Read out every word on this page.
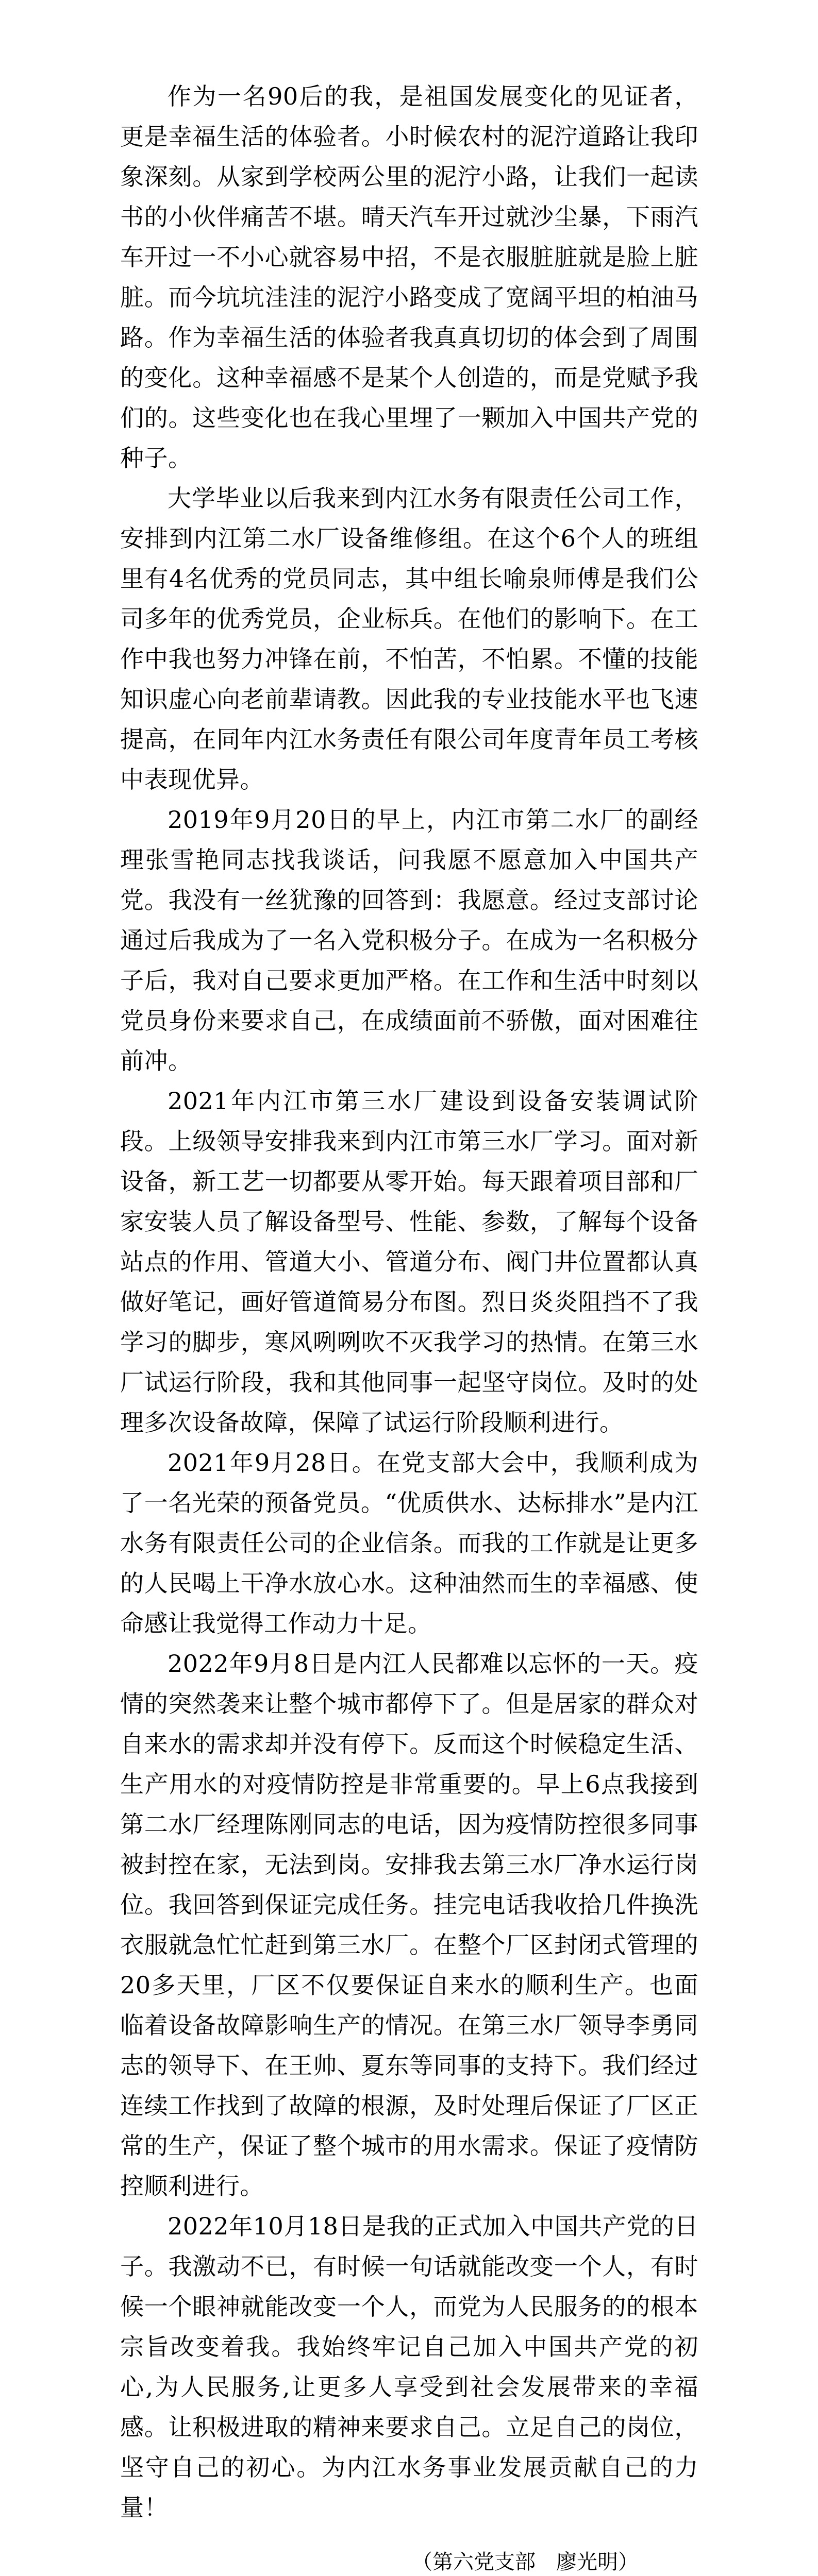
作为一名90后的我，是祖国发展变化的见证者，更是幸福生活的体验者。小时候农村的泥泞道路让我印象深刻。从家到学校两公里的泥泞小路，让我们一起读书的小伙伴痛苦不堪。晴天汽车开过就沙尘暴，下雨汽车开过一不小心就容易中招，不是衣服脏脏就是脸上脏脏。而今坑坑洼洼的泥泞小路变成了宽阔平坦的柏油马路。作为幸福生活的体验者我真真切切的体会到了周围的变化。这种幸福感不是某个人创造的，而是党赋予我们的。这些变化也在我心里埋了一颗加入中国共产党的种子。

大学毕业以后我来到内江水务有限责任公司工作，安排到内江第二水厂设备维修组。在这个6个人的班组里有4名优秀的党员同志，其中组长喻泉师傅是我们公司多年的优秀党员，企业标兵。在他们的影响下。在工作中我也努力冲锋在前，不怕苦，不怕累。不懂的技能知识虚心向老前辈请教。因此我的专业技能水平也飞速提高，在同年内江水务责任有限公司年度青年员工考核中表现优异。

2019年9月20日的早上，内江市第二水厂的副经理张雪艳同志找我谈话，问我愿不愿意加入中国共产党。我没有一丝犹豫的回答到：我愿意。经过支部讨论通过后我成为了一名入党积极分子。在成为一名积极分子后，我对自己要求更加严格。在工作和生活中时刻以党员身份来要求自己，在成绩面前不骄傲，面对困难往前冲。

2021年内江市第三水厂建设到设备安装调试阶段。上级领导安排我来到内江市第三水厂学习。面对新设备，新工艺一切都要从零开始。每天跟着项目部和厂家安装人员了解设备型号、性能、参数，了解每个设备站点的作用、管道大小、管道分布、阀门井位置都认真做好笔记，画好管道简易分布图。烈日炎炎阻挡不了我学习的脚步，寒风咧咧吹不灭我学习的热情。在第三水厂试运行阶段，我和其他同事一起坚守岗位。及时的处理多次设备故障，保障了试运行阶段顺利进行。

2021年9月28日。在党支部大会中，我顺利成为了一名光荣的预备党员。“优质供水、达标排水”是内江水务有限责任公司的企业信条。而我的工作就是让更多的人民喝上干净水放心水。这种油然而生的幸福感、使命感让我觉得工作动力十足。

2022年9月8日是内江人民都难以忘怀的一天。疫情的突然袭来让整个城市都停下了。但是居家的群众对自来水的需求却并没有停下。反而这个时候稳定生活、生产用水的对疫情防控是非常重要的。早上6点我接到第二水厂经理陈刚同志的电话，因为疫情防控很多同事被封控在家，无法到岗。安排我去第三水厂净水运行岗位。我回答到保证完成任务。挂完电话我收拾几件换洗衣服就急忙忙赶到第三水厂。在整个厂区封闭式管理的20多天里，厂区不仅要保证自来水的顺利生产。也面临着设备故障影响生产的情况。在第三水厂领导李勇同志的领导下、在王帅、夏东等同事的支持下。我们经过连续工作找到了故障的根源，及时处理后保证了厂区正常的生产，保证了整个城市的用水需求。保证了疫情防控顺利进行。

2022年10月18日是我的正式加入中国共产党的日子。我激动不已，有时候一句话就能改变一个人，有时候一个眼神就能改变一个人，而党为人民服务的的根本宗旨改变着我。我始终牢记自己加入中国共产党的初心,为人民服务,让更多人享受到社会发展带来的幸福感。让积极进取的精神来要求自己。立足自己的岗位，坚守自己的初心。为内江水务事业发展贡献自己的力量！

（第六党支部　廖光明）
